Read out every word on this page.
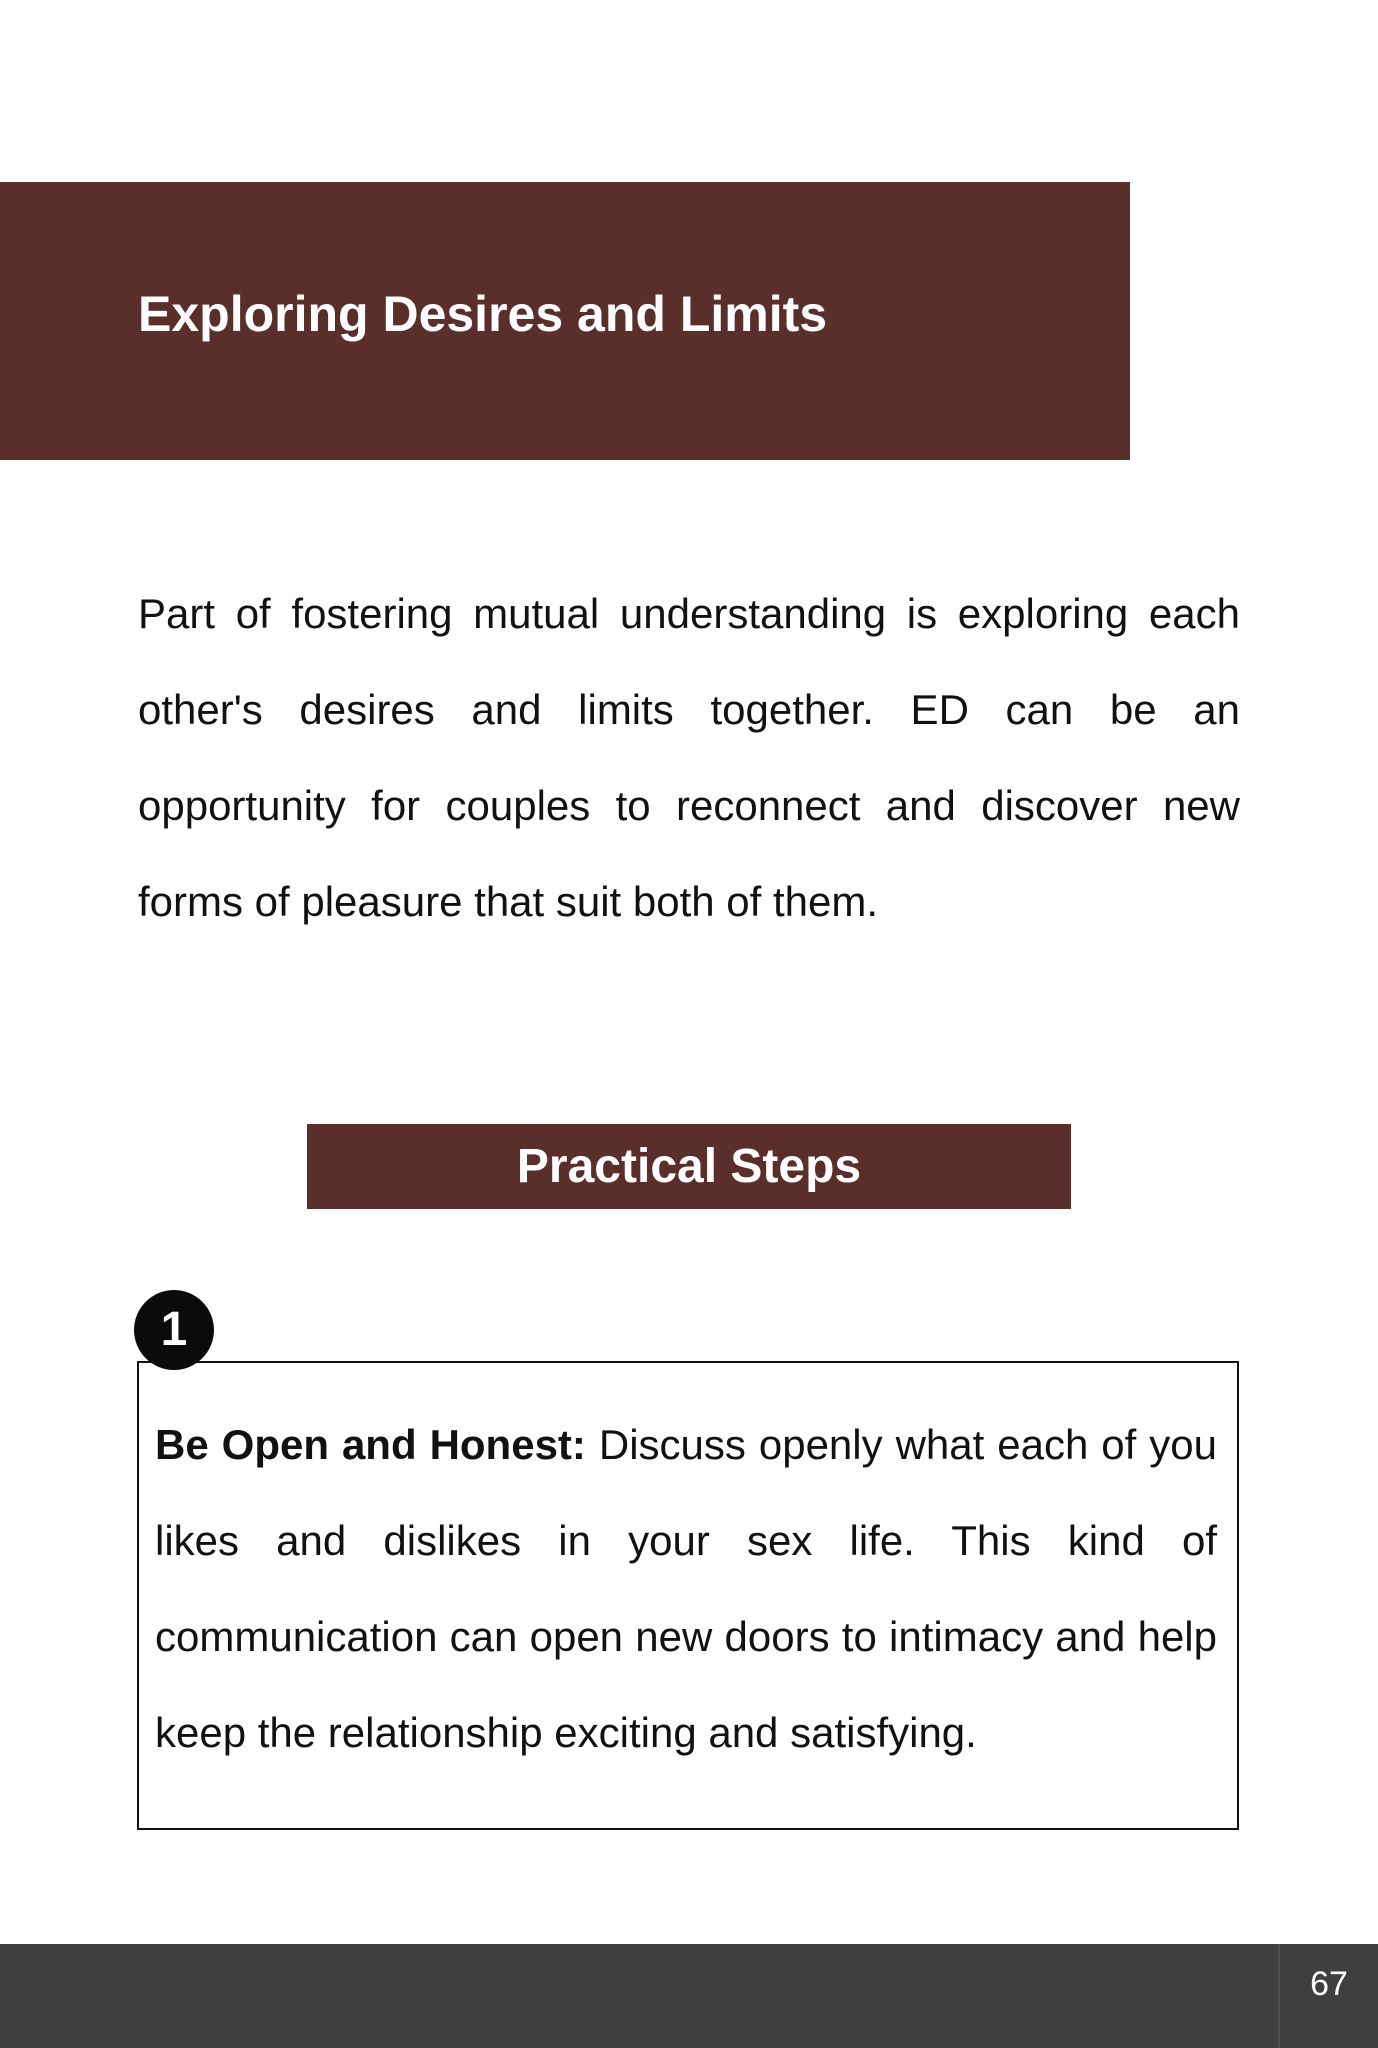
Exploring Desires and Limits

Part of fostering mutual understanding is exploring each other's desires and limits together. ED can be an opportunity for couples to reconnect and discover new forms of pleasure that suit both of them.

Practical Steps
1

Be Open and Honest: Discuss openly what each of you likes and dislikes in your sex life. This kind of communication can open new doors to intimacy and help keep the relationship exciting and satisfying.

67
